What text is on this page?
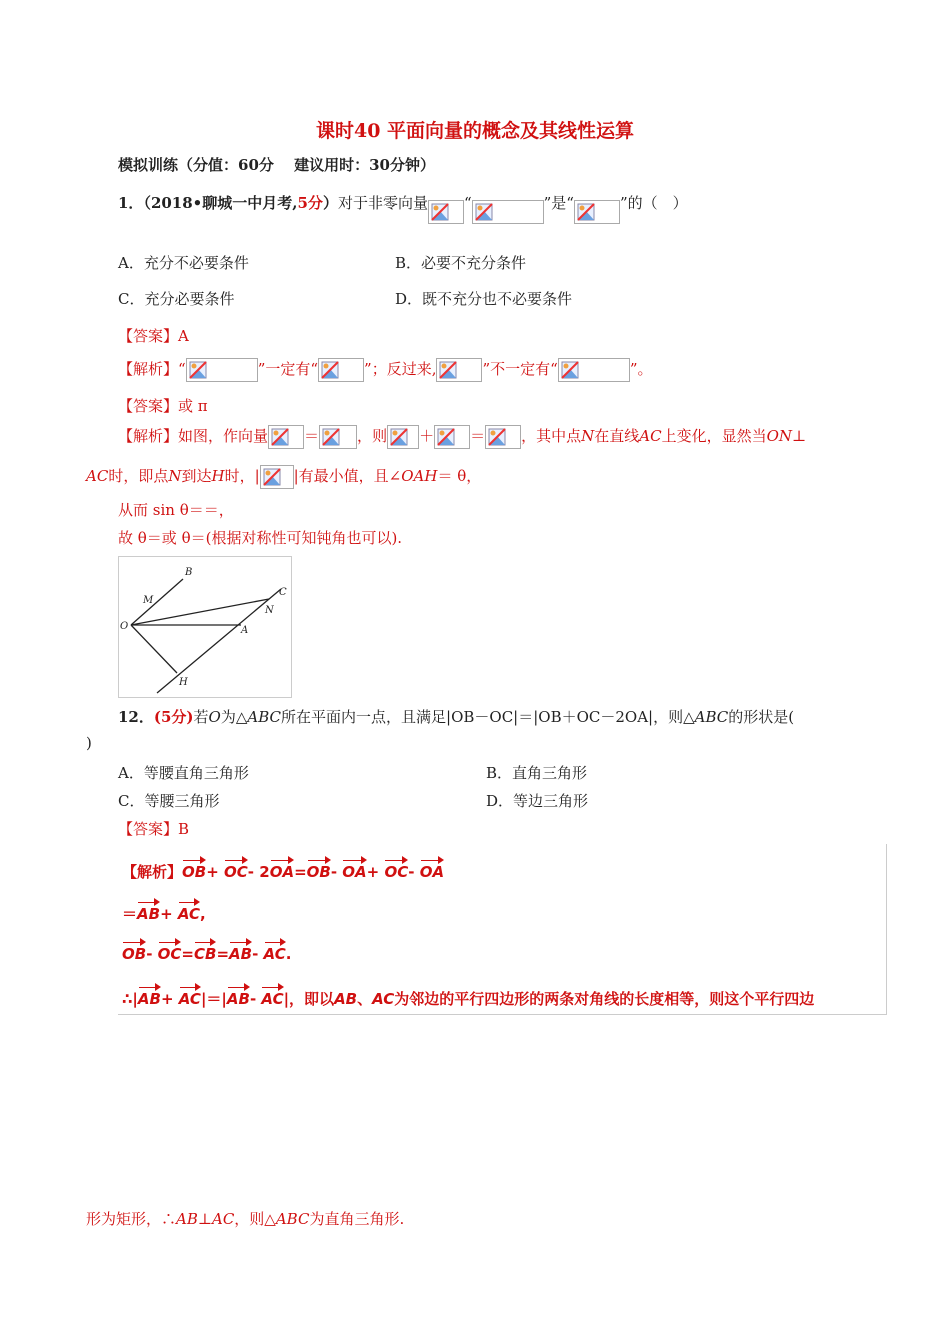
课时40 平面向量的概念及其线性运算
模拟训练（分值：60分　 建议用时：30分钟）
1．（2018•聊城一中月考,5分）对于非零向量 “	”是“	”的（　）
A．充分不必要条件	B．必要不充分条件
C．充分必要条件	D．既不充分也不必要条件
【答案】A
【解析】“	”一定有“	”；反过来,	”不一定有“	”。
【答案】或 π
【解析】如图，作向量 ＝	，则 ＋ ＝ ，其中点N在直线AC上变化，显然当ON⊥
AC时，即点N到达H时，| |有最小值，且∠OAH＝ θ，
从而 sin θ＝＝，
故 θ＝或 θ＝(根据对称性可知钝角也可以).
B
M
C
N
O	A
H
12．(5分)若O为△ABC所在平面内一点，且满足|OB－OC|＝|OB＋OC－2OA|，则△ABC的形状是(
)
A．等腰直角三角形	B．直角三角形
C．等腰三角形	D．等边三角形
【答案】B
【解析】OB+ OC- 2OA=OB- OA+ OC- OA
＝AB+ AC,
OB- OC=CB=AB- AC.
∴|AB+ AC|＝|AB- AC|，即以AB、AC为邻边的平行四边形的两条对角线的长度相等，则这个平行四边
形为矩形，∴AB⊥AC，则△ABC为直角三角形.
